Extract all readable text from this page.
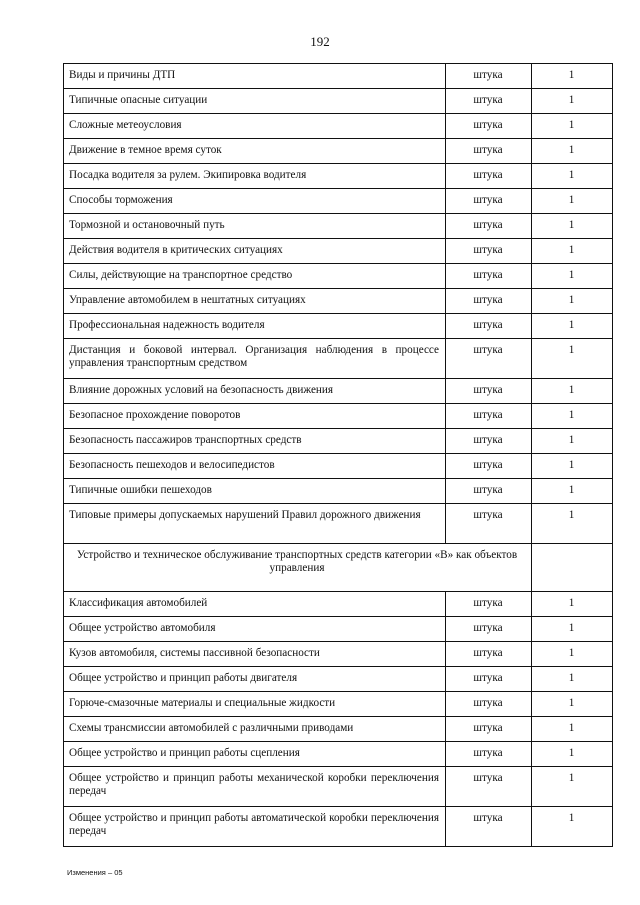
192
Виды и причины ДТП	штука	1
Типичные опасные ситуации	штука	1
Сложные метеоусловия	штука	1
Движение в темное время суток	штука	1
Посадка водителя за рулем. Экипировка водителя	штука	1
Способы торможения	штука	1
Тормозной и остановочный путь	штука	1
Действия водителя в критических ситуациях	штука	1
Силы, действующие на транспортное средство	штука	1
Управление автомобилем в нештатных ситуациях	штука	1
Профессиональная надежность водителя	штука	1
Дистанция и боковой интервал. Организация наблюдения в процессе управления транспортным средством	штука	1
Влияние дорожных условий на безопасность движения	штука	1
Безопасное прохождение поворотов	штука	1
Безопасность пассажиров транспортных средств	штука	1
Безопасность пешеходов и велосипедистов	штука	1
Типичные ошибки пешеходов	штука	1
Типовые примеры допускаемых нарушений Правил дорожного движения	штука	1
Устройство и техническое обслуживание транспортных средств категории «В» как объектов управления		
Классификация автомобилей	штука	1
Общее устройство автомобиля	штука	1
Кузов автомобиля, системы пассивной безопасности	штука	1
Общее устройство и принцип работы двигателя	штука	1
Горюче-смазочные материалы и специальные жидкости	штука	1
Схемы трансмиссии автомобилей с различными приводами	штука	1
Общее устройство и принцип работы сцепления	штука	1
Общее устройство и принцип работы механической коробки переключения передач	штука	1
Общее устройство и принцип работы автоматической коробки переключения передач	штука	1
Изменения – 05
